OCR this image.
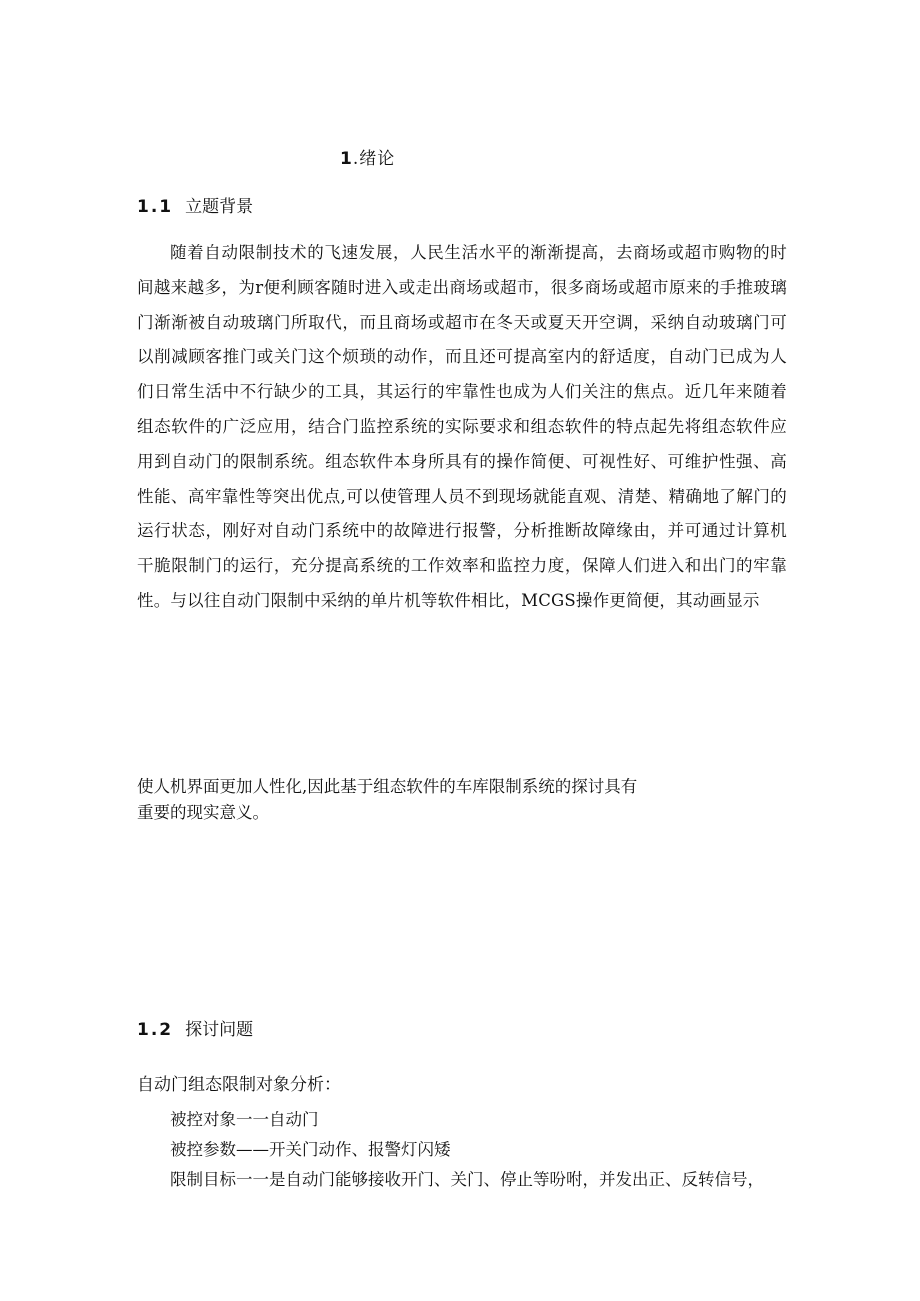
1.绪论
1.1 立题背景

随着自动限制技术的飞速发展，人民生活水平的渐渐提高，去商场或超市购物的时间越来越多，为r便利顾客随时进入或走出商场或超市，很多商场或超市原来的手推玻璃门渐渐被自动玻璃门所取代，而且商场或超市在冬天或夏天开空调，采纳自动玻璃门可以削减顾客推门或关门这个烦琐的动作，而且还可提高室内的舒适度，自动门已成为人们日常生活中不行缺少的工具，其运行的牢靠性也成为人们关注的焦点。近几年来随着组态软件的广泛应用，结合门监控系统的实际要求和组态软件的特点起先将组态软件应用到自动门的限制系统。组态软件本身所具有的操作简便、可视性好、可维护性强、高性能、高牢靠性等突出优点,可以使管理人员不到现场就能直观、清楚、精确地了解门的运行状态，刚好对自动门系统中的故障进行报警，分析推断故障缘由，并可通过计算机干脆限制门的运行，充分提高系统的工作效率和监控力度，保障人们进入和出门的牢靠性。与以往自动门限制中采纳的单片机等软件相比，MCGS操作更简便，其动画显示

使人机界面更加人性化,因此基于组态软件的车库限制系统的探讨具有

重要的现实意义。

1.2 探讨问题
自动门组态限制对象分析：

被控对象一一自动门

被控参数——开关门动作、报警灯闪矮

限制目标一一是自动门能够接收开门、关门、停止等吩咐，并发出正、反转信号，
